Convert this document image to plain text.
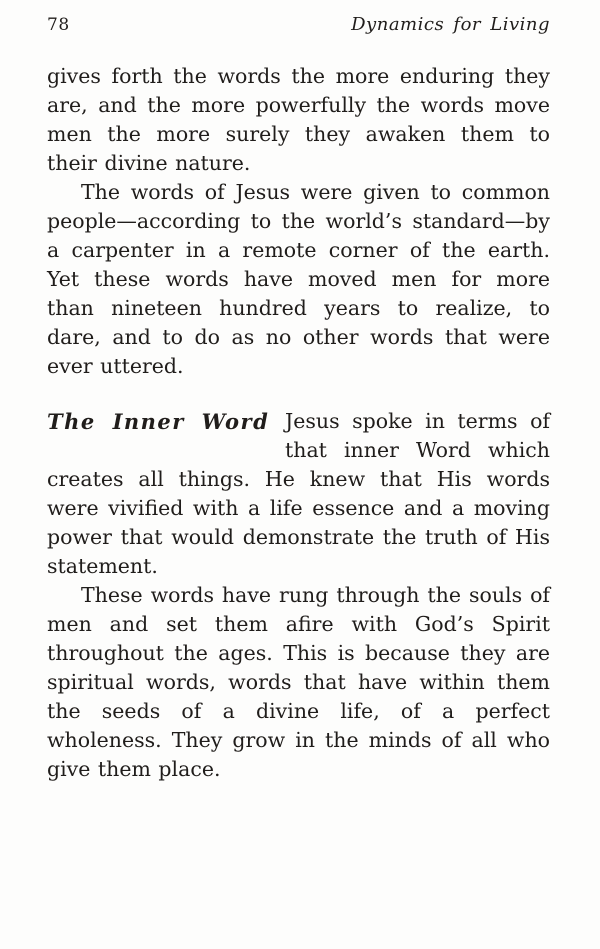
78	Dynamics for Living

gives forth the words the more enduring they are, and the more powerfully the words move men the more surely they awaken them to their divine nature.

The words of Jesus were given to common people—according to the world’s standard—by a carpenter in a remote corner of the earth. Yet these words have moved men for more than nineteen hundred years to realize, to dare, and to do as no other words that were ever uttered.

The Inner Word Jesus spoke in terms of that inner Word which creates all things. He knew that His words were vivified with a life essence and a moving power that would demonstrate the truth of His statement.

These words have rung through the souls of men and set them afire with God’s Spirit throughout the ages. This is because they are spiritual words, words that have within them the seeds of a divine life, of a perfect wholeness. They grow in the minds of all who give them place.
